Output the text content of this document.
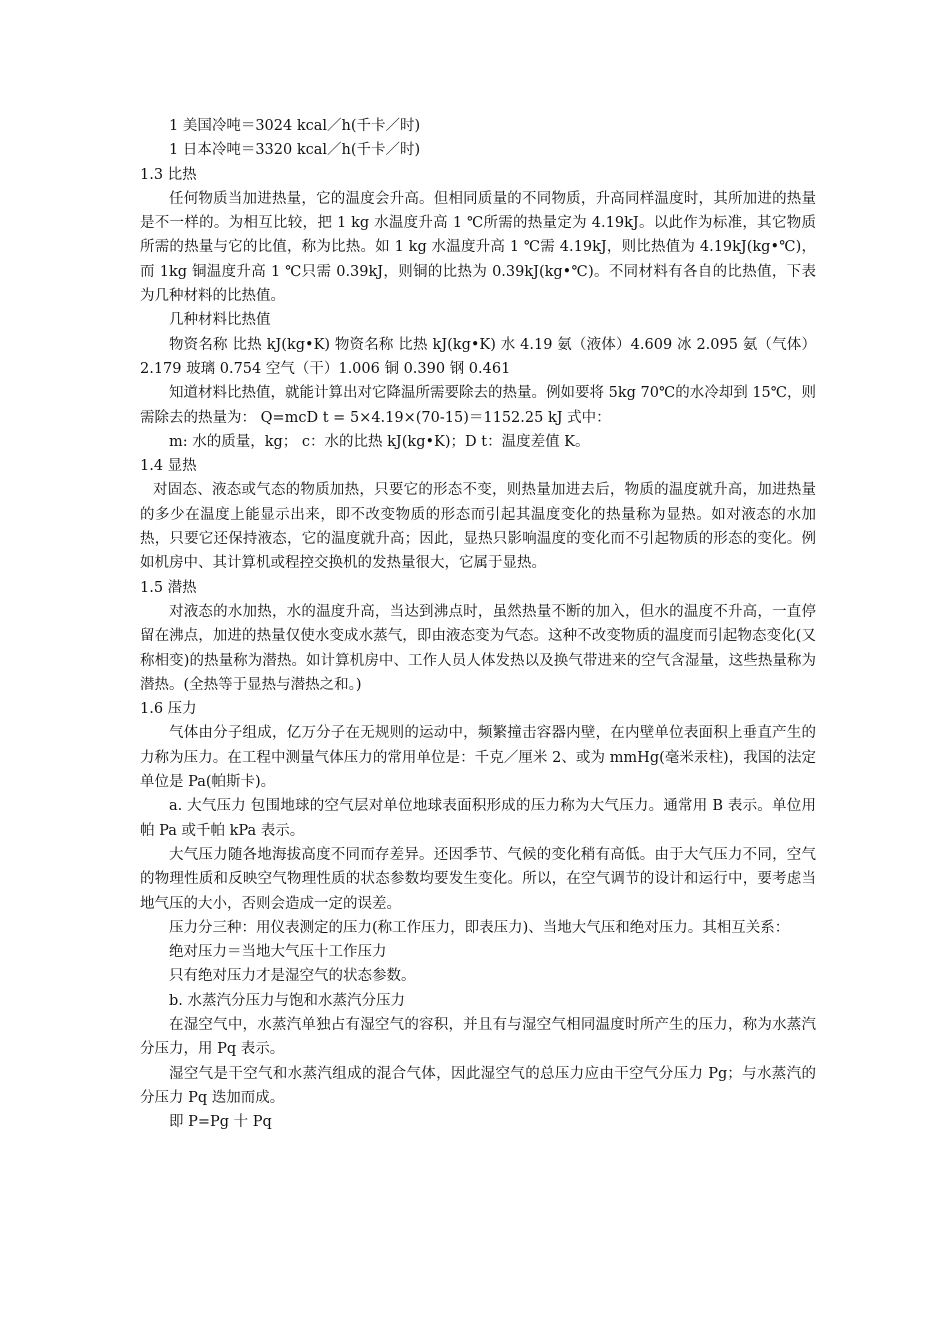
1 美国冷吨＝3024 kcal／h(千卡／时)

1 日本冷吨＝3320 kcal／h(千卡／时)

1.3 比热

任何物质当加进热量，它的温度会升高。但相同质量的不同物质，升高同样温度时，其所加进的热量是不一样的。为相互比较，把 1 kg 水温度升高 1 ℃所需的热量定为 4.19kJ。以此作为标准，其它物质所需的热量与它的比值，称为比热。如 1 kg 水温度升高 1 ℃需 4.19kJ，则比热值为 4.19kJ(kg•℃)，而 1kg 铜温度升高 1 ℃只需 0.39kJ，则铜的比热为 0.39kJ(kg•℃)。不同材料有各自的比热值，下表为几种材料的比热值。

几种材料比热值

物资名称 比热 kJ(kg•K) 物资名称 比热 kJ(kg•K) 水 4.19 氨（液体）4.609 冰 2.095 氨（气体）2.179 玻璃 0.754 空气（干）1.006 铜 0.390 钢 0.461

知道材料比热值，就能计算出对它降温所需要除去的热量。例如要将 5kg 70℃的水冷却到 15℃，则需除去的热量为： Q=mcD t = 5×4.19×(70-15)＝1152.25 kJ 式中：

m: 水的质量，kg； c：水的比热 kJ(kg•K)；D t：温度差值 K。

1.4 显热

对固态、液态或气态的物质加热，只要它的形态不变，则热量加进去后，物质的温度就升高，加进热量的多少在温度上能显示出来，即不改变物质的形态而引起其温度变化的热量称为显热。如对液态的水加热，只要它还保持液态，它的温度就升高；因此，显热只影响温度的变化而不引起物质的形态的变化。例如机房中、其计算机或程控交换机的发热量很大，它属于显热。

1.5 潜热

对液态的水加热，水的温度升高，当达到沸点时，虽然热量不断的加入，但水的温度不升高，一直停留在沸点，加进的热量仅使水变成水蒸气，即由液态变为气态。这种不改变物质的温度而引起物态变化(又称相变)的热量称为潜热。如计算机房中、工作人员人体发热以及换气带进来的空气含湿量，这些热量称为潜热。(全热等于显热与潜热之和。)

1.6 压力

气体由分子组成，亿万分子在无规则的运动中，频繁撞击容器内壁，在内壁单位表面积上垂直产生的力称为压力。在工程中测量气体压力的常用单位是：千克／厘米 2、或为 mmHg(毫米汞柱)，我国的法定单位是 Pa(帕斯卡)。

a. 大气压力 包围地球的空气层对单位地球表面积形成的压力称为大气压力。通常用 B 表示。单位用帕 Pa 或千帕 kPa 表示。

大气压力随各地海拔高度不同而存差异。还因季节、气候的变化稍有高低。由于大气压力不同，空气的物理性质和反映空气物理性质的状态参数均要发生变化。所以，在空气调节的设计和运行中，要考虑当地气压的大小，否则会造成一定的误差。

压力分三种：用仪表测定的压力(称工作压力，即表压力)、当地大气压和绝对压力。其相互关系：

绝对压力＝当地大气压十工作压力

只有绝对压力才是湿空气的状态参数。

b. 水蒸汽分压力与饱和水蒸汽分压力

在湿空气中，水蒸汽单独占有湿空气的容积，并且有与湿空气相同温度时所产生的压力，称为水蒸汽分压力，用 Pq 表示。

湿空气是干空气和水蒸汽组成的混合气体，因此湿空气的总压力应由干空气分压力 Pg；与水蒸汽的分压力 Pq 迭加而成。

即 P=Pg 十 Pq
